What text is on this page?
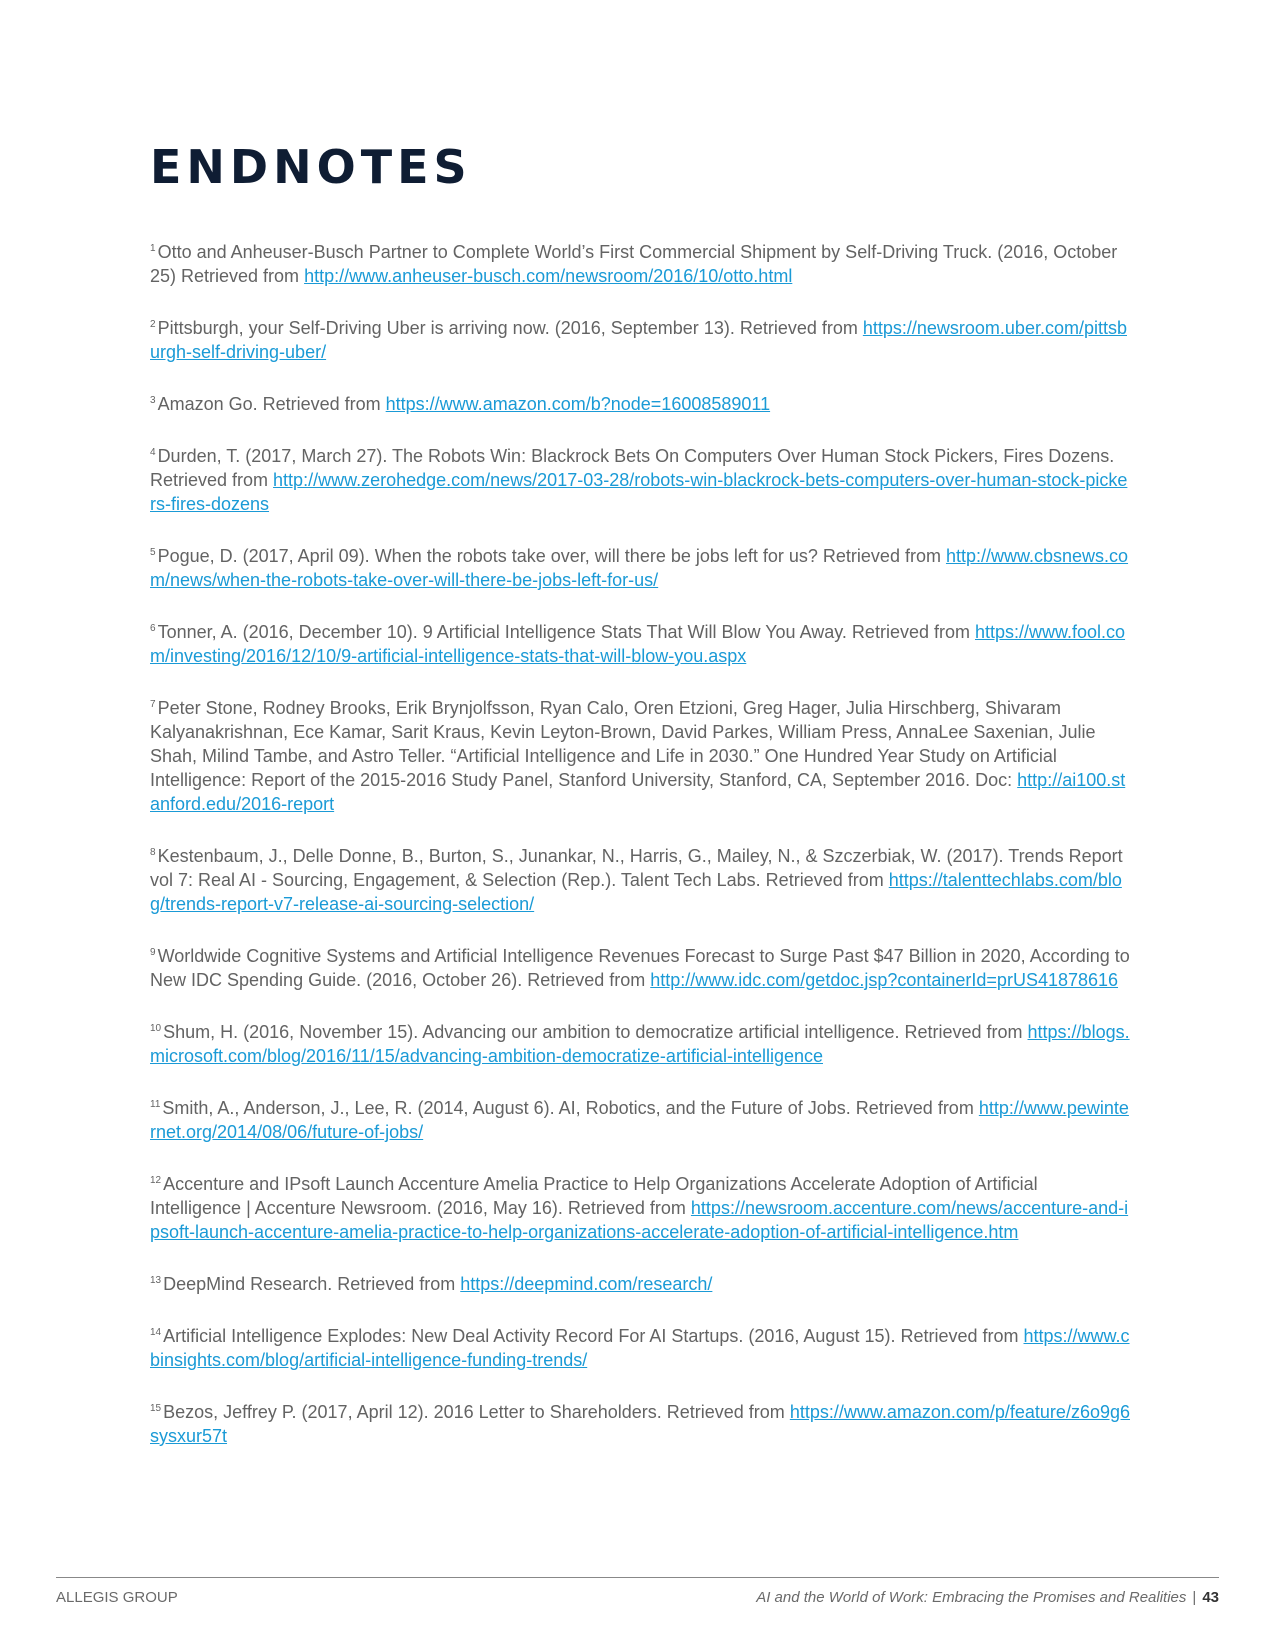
ENDNOTES
$^1$ Otto and Anheuser-Busch Partner to Complete World’s First Commercial Shipment by Self-Driving Truck. (2016, October 25) Retrieved from http://www.anheuser-busch.com/newsroom/2016/10/otto.html
$^2$ Pittsburgh, your Self-Driving Uber is arriving now. (2016, September 13). Retrieved from https://newsroom.uber.com/pittsburgh-self-driving-uber/
$^3$ Amazon Go. Retrieved from https://www.amazon.com/b?node=16008589011
$^4$ Durden, T. (2017, March 27). The Robots Win: Blackrock Bets On Computers Over Human Stock Pickers, Fires Dozens. Retrieved from http://www.zerohedge.com/news/2017-03-28/robots-win-blackrock-bets-computers-over-human-stock-pickers-fires-dozens
$^5$ Pogue, D. (2017, April 09). When the robots take over, will there be jobs left for us? Retrieved from http://www.cbsnews.com/news/when-the-robots-take-over-will-there-be-jobs-left-for-us/
$^6$ Tonner, A. (2016, December 10). 9 Artificial Intelligence Stats That Will Blow You Away. Retrieved from https://www.fool.com/investing/2016/12/10/9-artificial-intelligence-stats-that-will-blow-you.aspx
$^7$ Peter Stone, Rodney Brooks, Erik Brynjolfsson, Ryan Calo, Oren Etzioni, Greg Hager, Julia Hirschberg, Shivaram Kalyanakrishnan, Ece Kamar, Sarit Kraus, Kevin Leyton-Brown, David Parkes, William Press, AnnaLee Saxenian, Julie Shah, Milind Tambe, and Astro Teller. “Artificial Intelligence and Life in 2030.” One Hundred Year Study on Artificial Intelligence: Report of the 2015-2016 Study Panel, Stanford University, Stanford, CA, September 2016. Doc: http://ai100.stanford.edu/2016-report
$^8$ Kestenbaum, J., Delle Donne, B., Burton, S., Junankar, N., Harris, G., Mailey, N., & Szczerbiak, W. (2017). Trends Report vol 7: Real AI - Sourcing, Engagement, & Selection (Rep.). Talent Tech Labs. Retrieved from https://talenttechlabs.com/blog/trends-report-v7-release-ai-sourcing-selection/
$^9$ Worldwide Cognitive Systems and Artificial Intelligence Revenues Forecast to Surge Past $47 Billion in 2020, According to New IDC Spending Guide. (2016, October 26). Retrieved from http://www.idc.com/getdoc.jsp?containerId=prUS41878616
$^{10}$ Shum, H. (2016, November 15). Advancing our ambition to democratize artificial intelligence. Retrieved from https://blogs.microsoft.com/blog/2016/11/15/advancing-ambition-democratize-artificial-intelligence
$^{11}$ Smith, A., Anderson, J., Lee, R. (2014, August 6). AI, Robotics, and the Future of Jobs. Retrieved from http://www.pewinternet.org/2014/08/06/future-of-jobs/
$^{12}$ Accenture and IPsoft Launch Accenture Amelia Practice to Help Organizations Accelerate Adoption of Artificial Intelligence | Accenture Newsroom. (2016, May 16). Retrieved from https://newsroom.accenture.com/news/accenture-and-ipsoft-launch-accenture-amelia-practice-to-help-organizations-accelerate-adoption-of-artificial-intelligence.htm
$^{13}$ DeepMind Research. Retrieved from https://deepmind.com/research/
$^{14}$ Artificial Intelligence Explodes: New Deal Activity Record For AI Startups. (2016, August 15). Retrieved from https://www.cbinsights.com/blog/artificial-intelligence-funding-trends/
$^{15}$ Bezos, Jeffrey P. (2017, April 12). 2016 Letter to Shareholders. Retrieved from https://www.amazon.com/p/feature/z6o9g6sysxur57t
ALLEGIS GROUP	AI and the World of Work: Embracing the Promises and Realities | 43
